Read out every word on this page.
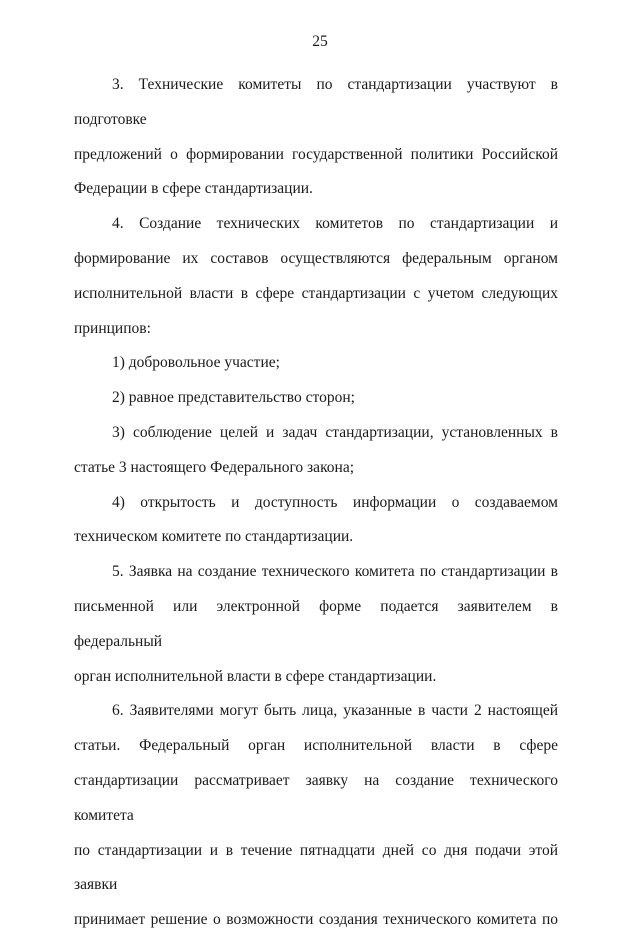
25
3. Технические комитеты по стандартизации участвуют в подготовке
предложений о формировании государственной политики Российской
Федерации в сфере стандартизации.
4. Создание технических комитетов по стандартизации и
формирование их составов осуществляются федеральным органом
исполнительной власти в сфере стандартизации с учетом следующих
принципов:
1) добровольное участие;
2) равное представительство сторон;
3) соблюдение целей и задач стандартизации, установленных в
статье 3 настоящего Федерального закона;
4) открытость и доступность информации о создаваемом
техническом комитете по стандартизации.
5. Заявка на создание технического комитета по стандартизации в
письменной или электронной форме подается заявителем в федеральный
орган исполнительной власти в сфере стандартизации.
6. Заявителями могут быть лица, указанные в части 2 настоящей
статьи. Федеральный орган исполнительной власти в сфере
стандартизации рассматривает заявку на создание технического комитета
по стандартизации и в течение пятнадцати дней со дня подачи этой заявки
принимает решение о возможности создания технического комитета по
